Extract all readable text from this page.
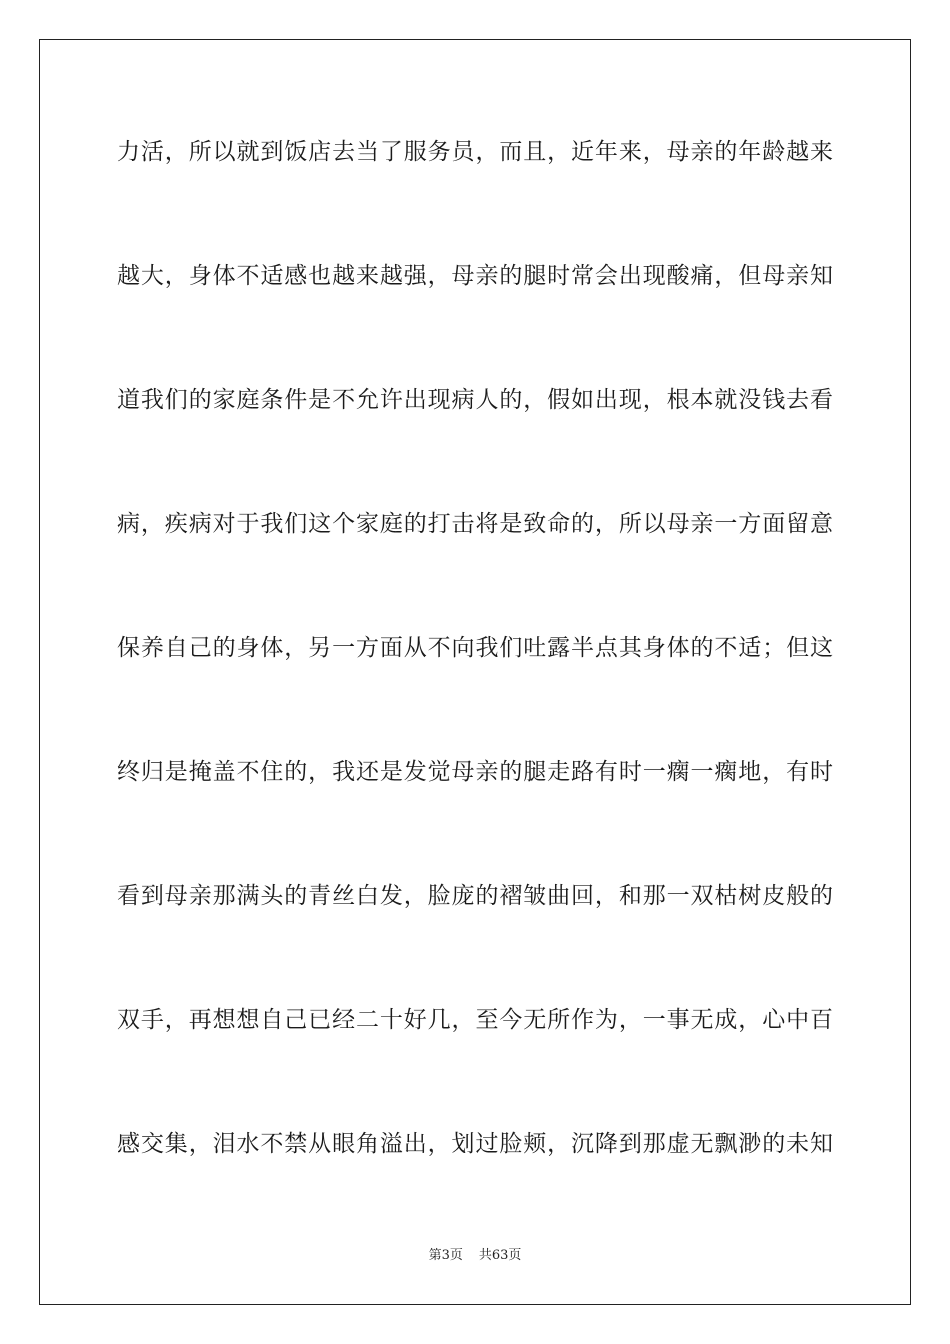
力活，所以就到饭店去当了服务员，而且，近年来，母亲的年龄越来

越大，身体不适感也越来越强，母亲的腿时常会出现酸痛，但母亲知

道我们的家庭条件是不允许出现病人的，假如出现，根本就没钱去看

病，疾病对于我们这个家庭的打击将是致命的，所以母亲一方面留意

保养自己的身体，另一方面从不向我们吐露半点其身体的不适；但这

终归是掩盖不住的，我还是发觉母亲的腿走路有时一瘸一瘸地，有时

看到母亲那满头的青丝白发，脸庞的褶皱曲回，和那一双枯树皮般的

双手，再想想自己已经二十好几，至今无所作为，一事无成，心中百

感交集，泪水不禁从眼角溢出，划过脸颊，沉降到那虚无飘渺的未知

第3页 共63页
